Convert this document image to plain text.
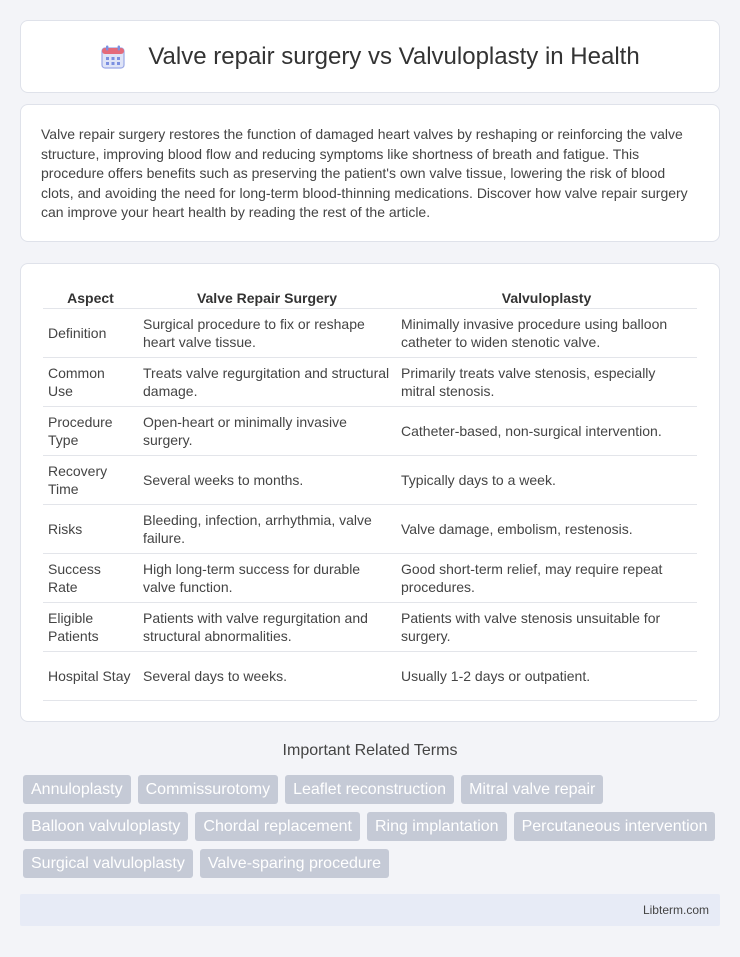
Valve repair surgery vs Valvuloplasty in Health

Valve repair surgery restores the function of damaged heart valves by reshaping or reinforcing the valve structure, improving blood flow and reducing symptoms like shortness of breath and fatigue. This procedure offers benefits such as preserving the patient's own valve tissue, lowering the risk of blood clots, and avoiding the need for long-term blood-thinning medications. Discover how valve repair surgery can improve your heart health by reading the rest of the article.

Aspect	Valve Repair Surgery	Valvuloplasty
Definition	Surgical procedure to fix or reshape heart valve tissue.	Minimally invasive procedure using balloon catheter to widen stenotic valve.
Common Use	Treats valve regurgitation and structural damage.	Primarily treats valve stenosis, especially mitral stenosis.
Procedure Type	Open-heart or minimally invasive surgery.	Catheter-based, non-surgical intervention.
Recovery Time	Several weeks to months.	Typically days to a week.
Risks	Bleeding, infection, arrhythmia, valve failure.	Valve damage, embolism, restenosis.
Success Rate	High long-term success for durable valve function.	Good short-term relief, may require repeat procedures.
Eligible Patients	Patients with valve regurgitation and structural abnormalities.	Patients with valve stenosis unsuitable for surgery.
Hospital Stay	Several days to weeks.	Usually 1-2 days or outpatient.
Important Related Terms
Annuloplasty	Commissurotomy	Leaflet reconstruction	Mitral valve repair
Balloon valvuloplasty	Chordal replacement	Ring implantation	Percutaneous intervention
Surgical valvuloplasty	Valve-sparing procedure
Libterm.com
